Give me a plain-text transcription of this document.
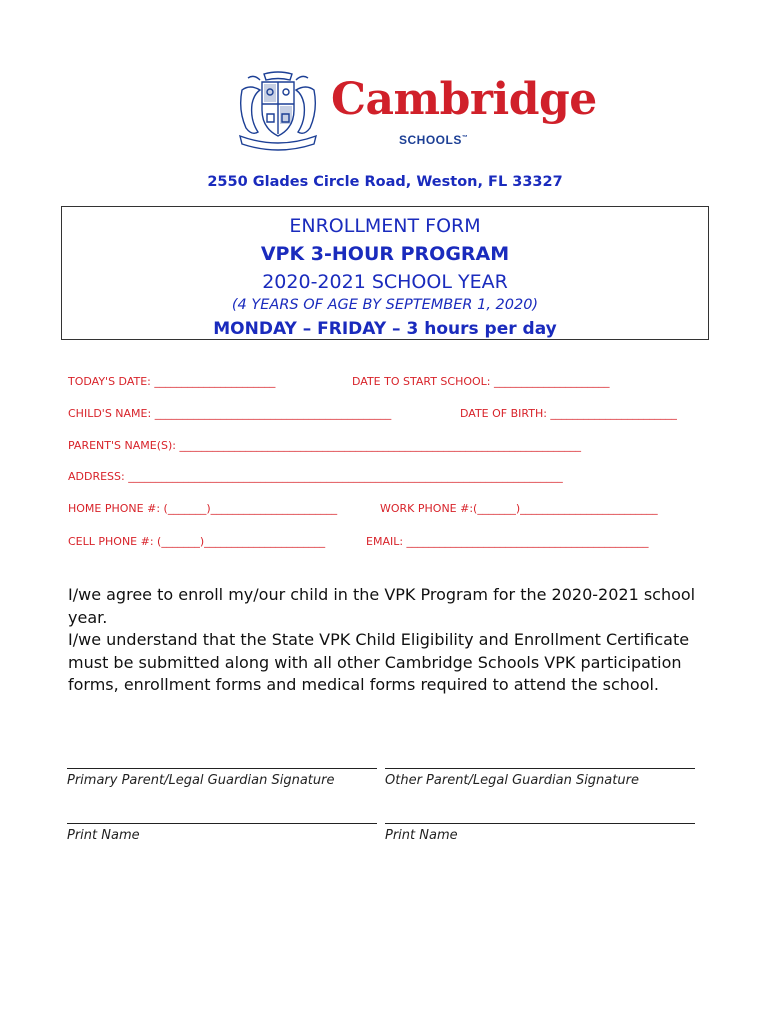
Cambridge
SCHOOLS™
2550 Glades Circle Road, Weston, FL 33327
ENROLLMENT FORM
VPK 3-HOUR PROGRAM
2020-2021 SCHOOL YEAR
(4 YEARS OF AGE BY SEPTEMBER 1, 2020)
MONDAY – FRIDAY – 3 hours per day
TODAY'S DATE: ______________________	DATE TO START SCHOOL: _____________________
CHILD'S NAME: ___________________________________________	DATE OF BIRTH: _______________________
PARENT'S NAME(S): _________________________________________________________________________
ADDRESS: _______________________________________________________________________________
HOME PHONE #: (_______)_______________________	WORK PHONE #:(_______)_________________________
CELL PHONE #: (_______)______________________	EMAIL: ____________________________________________
I/we agree to enroll my/our child in the VPK Program for the 2020-2021 school year.
I/we understand that the State VPK Child Eligibility and Enrollment Certificate must be submitted along with all other Cambridge Schools VPK participation forms, enrollment forms and medical forms required to attend the school.
Primary Parent/Legal Guardian Signature	Other Parent/Legal Guardian Signature
Print Name	Print Name
